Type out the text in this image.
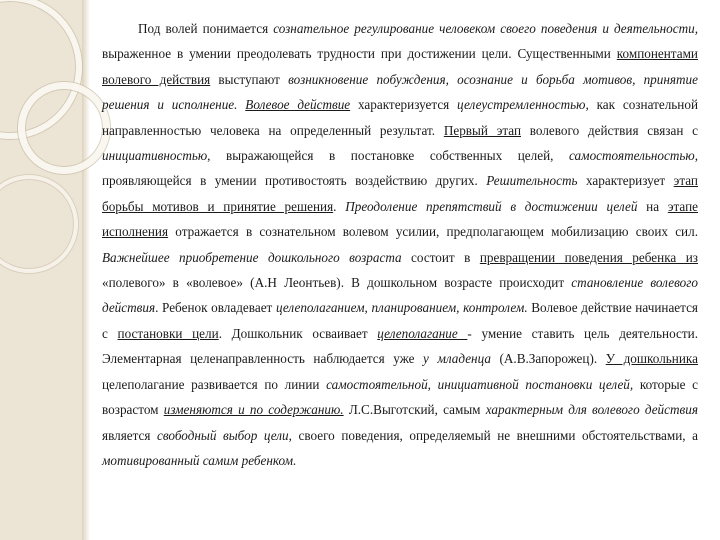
Под волей понимается сознательное регулирование человеком своего поведения и деятельности, выраженное в умении преодолевать трудности при достижении цели. Существенными компонентами волевого действия выступают возникновение побуждения, осознание и борьба мотивов, принятие решения и исполнение. Волевое действие характеризуется целеустремленностью, как сознательной направленностью человека на определенный результат. Первый этап волевого действия связан с инициативностью, выражающейся в постановке собственных целей, самостоятельностью, проявляющейся в умении противостоять воздействию других. Решительность характеризует этап борьбы мотивов и принятие решения. Преодоление препятствий в достижении целей на этапе исполнения отражается в сознательном волевом усилии, предполагающем мобилизацию своих сил. Важнейшее приобретение дошкольного возраста состоит в превращении поведения ребенка из «полевого» в «волевое» (А.Н Леонтьев). В дошкольном возрасте происходит становление волевого действия. Ребенок овладевает целеполаганием, планированием, контролем. Волевое действие начинается с постановки цели. Дошкольник осваивает целеполагание - умение ставить цель деятельности. Элементарная целенаправленность наблюдается уже у младенца (А.В.Запорожец). У дошкольника целеполагание развивается по линии самостоятельной, инициативной постановки целей, которые с возрастом изменяются и по содержанию. Л.С.Выготский, самым характерным для волевого действия является свободный выбор цели, своего поведения, определяемый не внешними обстоятельствами, а мотивированный самим ребенком.
